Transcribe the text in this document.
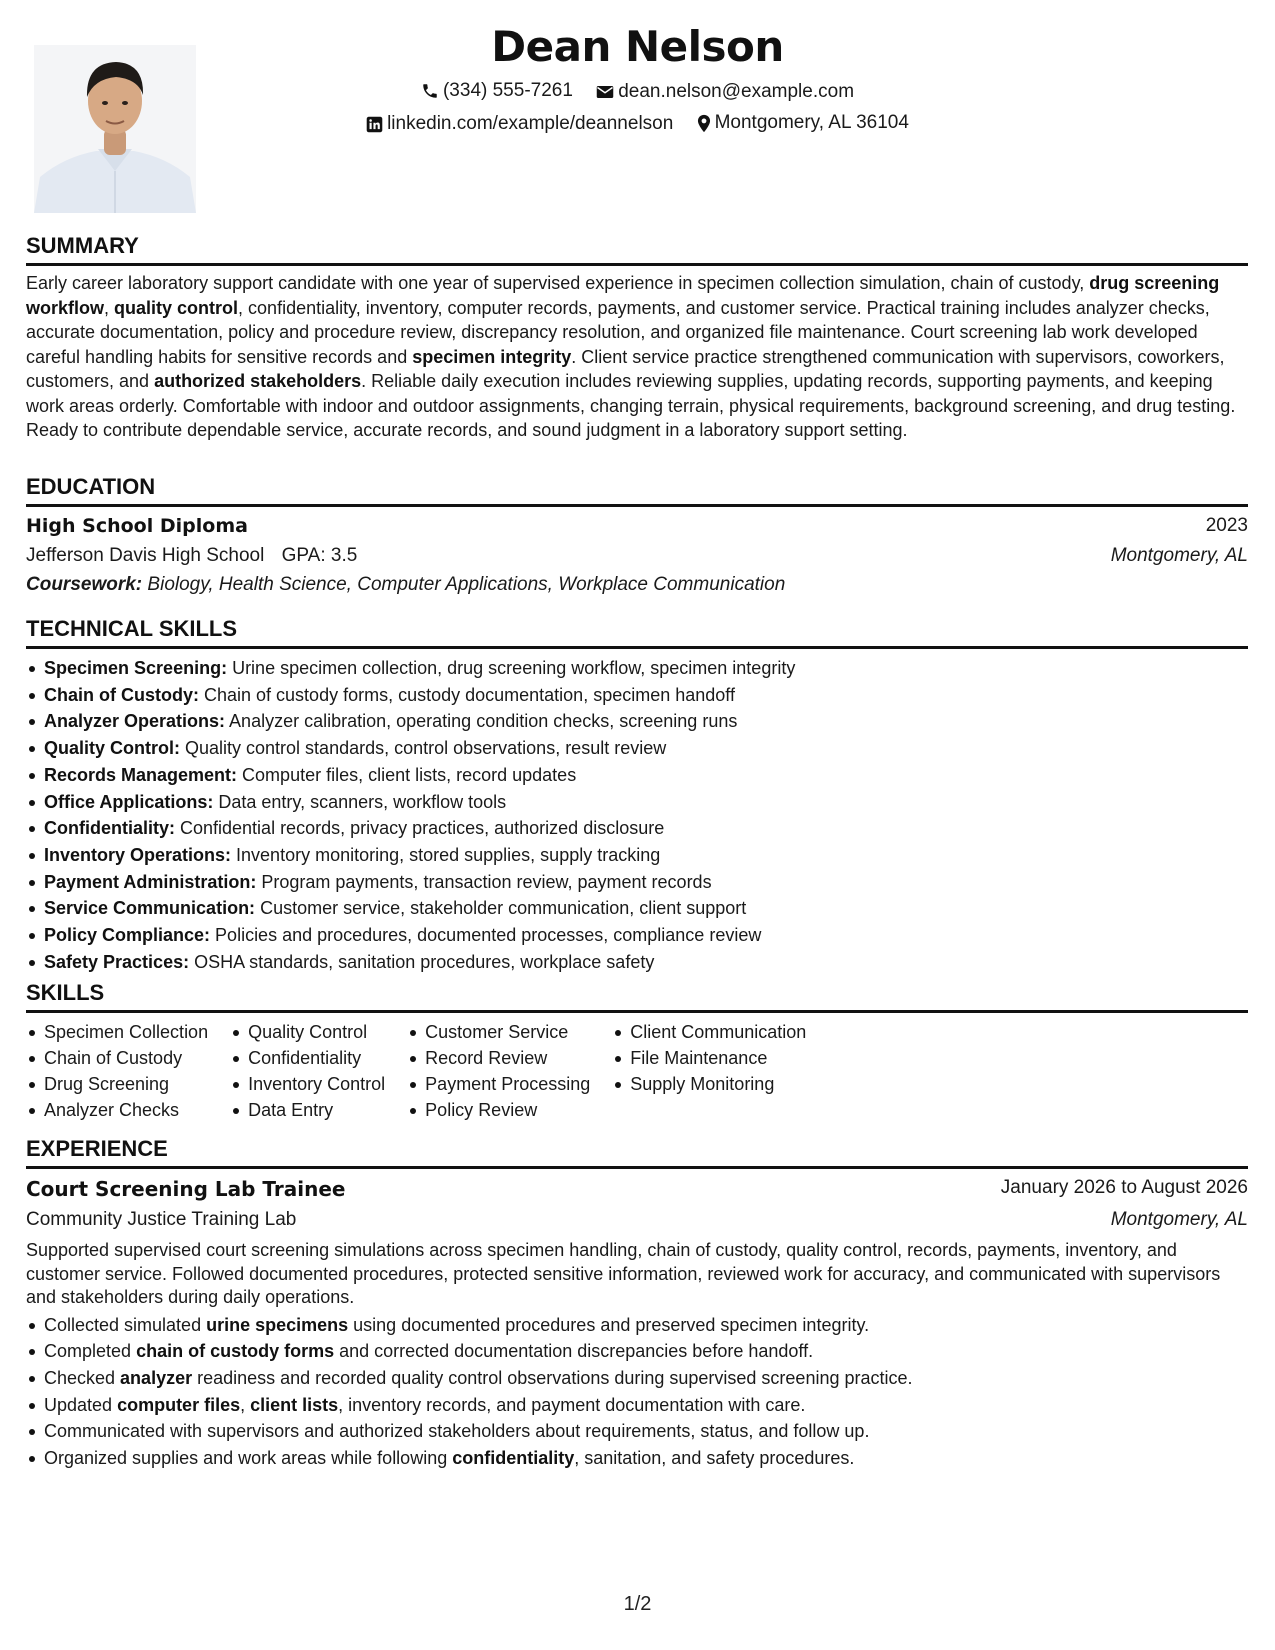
Dean Nelson
(334) 555-7261
dean.nelson@example.com
linkedin.com/example/deannelson
Montgomery, AL 36104
SUMMARY

Early career laboratory support candidate with one year of supervised experience in specimen collection simulation, chain of custody, drug screening workflow, quality control, confidentiality, inventory, computer records, payments, and customer service. Practical training includes analyzer checks, accurate documentation, policy and procedure review, discrepancy resolution, and organized file maintenance. Court screening lab work developed careful handling habits for sensitive records and specimen integrity. Client service practice strengthened communication with supervisors, coworkers, customers, and authorized stakeholders. Reliable daily execution includes reviewing supplies, updating records, supporting payments, and keeping work areas orderly. Comfortable with indoor and outdoor assignments, changing terrain, physical requirements, background screening, and drug testing. Ready to contribute dependable service, accurate records, and sound judgment in a laboratory support setting.

EDUCATION
High School Diploma	2023
Jefferson Davis High School GPA: 3.5	Montgomery, AL
Coursework: Biology, Health Science, Computer Applications, Workplace Communication
TECHNICAL SKILLS
Specimen Screening: Urine specimen collection, drug screening workflow, specimen integrity
Chain of Custody: Chain of custody forms, custody documentation, specimen handoff
Analyzer Operations: Analyzer calibration, operating condition checks, screening runs
Quality Control: Quality control standards, control observations, result review
Records Management: Computer files, client lists, record updates
Office Applications: Data entry, scanners, workflow tools
Confidentiality: Confidential records, privacy practices, authorized disclosure
Inventory Operations: Inventory monitoring, stored supplies, supply tracking
Payment Administration: Program payments, transaction review, payment records
Service Communication: Customer service, stakeholder communication, client support
Policy Compliance: Policies and procedures, documented processes, compliance review
Safety Practices: OSHA standards, sanitation procedures, workplace safety
SKILLS
Specimen Collection
Chain of Custody
Drug Screening
Analyzer Checks
Quality Control
Confidentiality
Inventory Control
Data Entry
Customer Service
Record Review
Payment Processing
Policy Review
Client Communication
File Maintenance
Supply Monitoring
EXPERIENCE
Court Screening Lab Trainee	January 2026 to August 2026
Community Justice Training Lab	Montgomery, AL
Supported supervised court screening simulations across specimen handling, chain of custody, quality control, records, payments, inventory, and customer service. Followed documented procedures, protected sensitive information, reviewed work for accuracy, and communicated with supervisors and stakeholders during daily operations.
Collected simulated urine specimens using documented procedures and preserved specimen integrity.
Completed chain of custody forms and corrected documentation discrepancies before handoff.
Checked analyzer readiness and recorded quality control observations during supervised screening practice.
Updated computer files, client lists, inventory records, and payment documentation with care.
Communicated with supervisors and authorized stakeholders about requirements, status, and follow up.
Organized supplies and work areas while following confidentiality, sanitation, and safety procedures.
1/2
